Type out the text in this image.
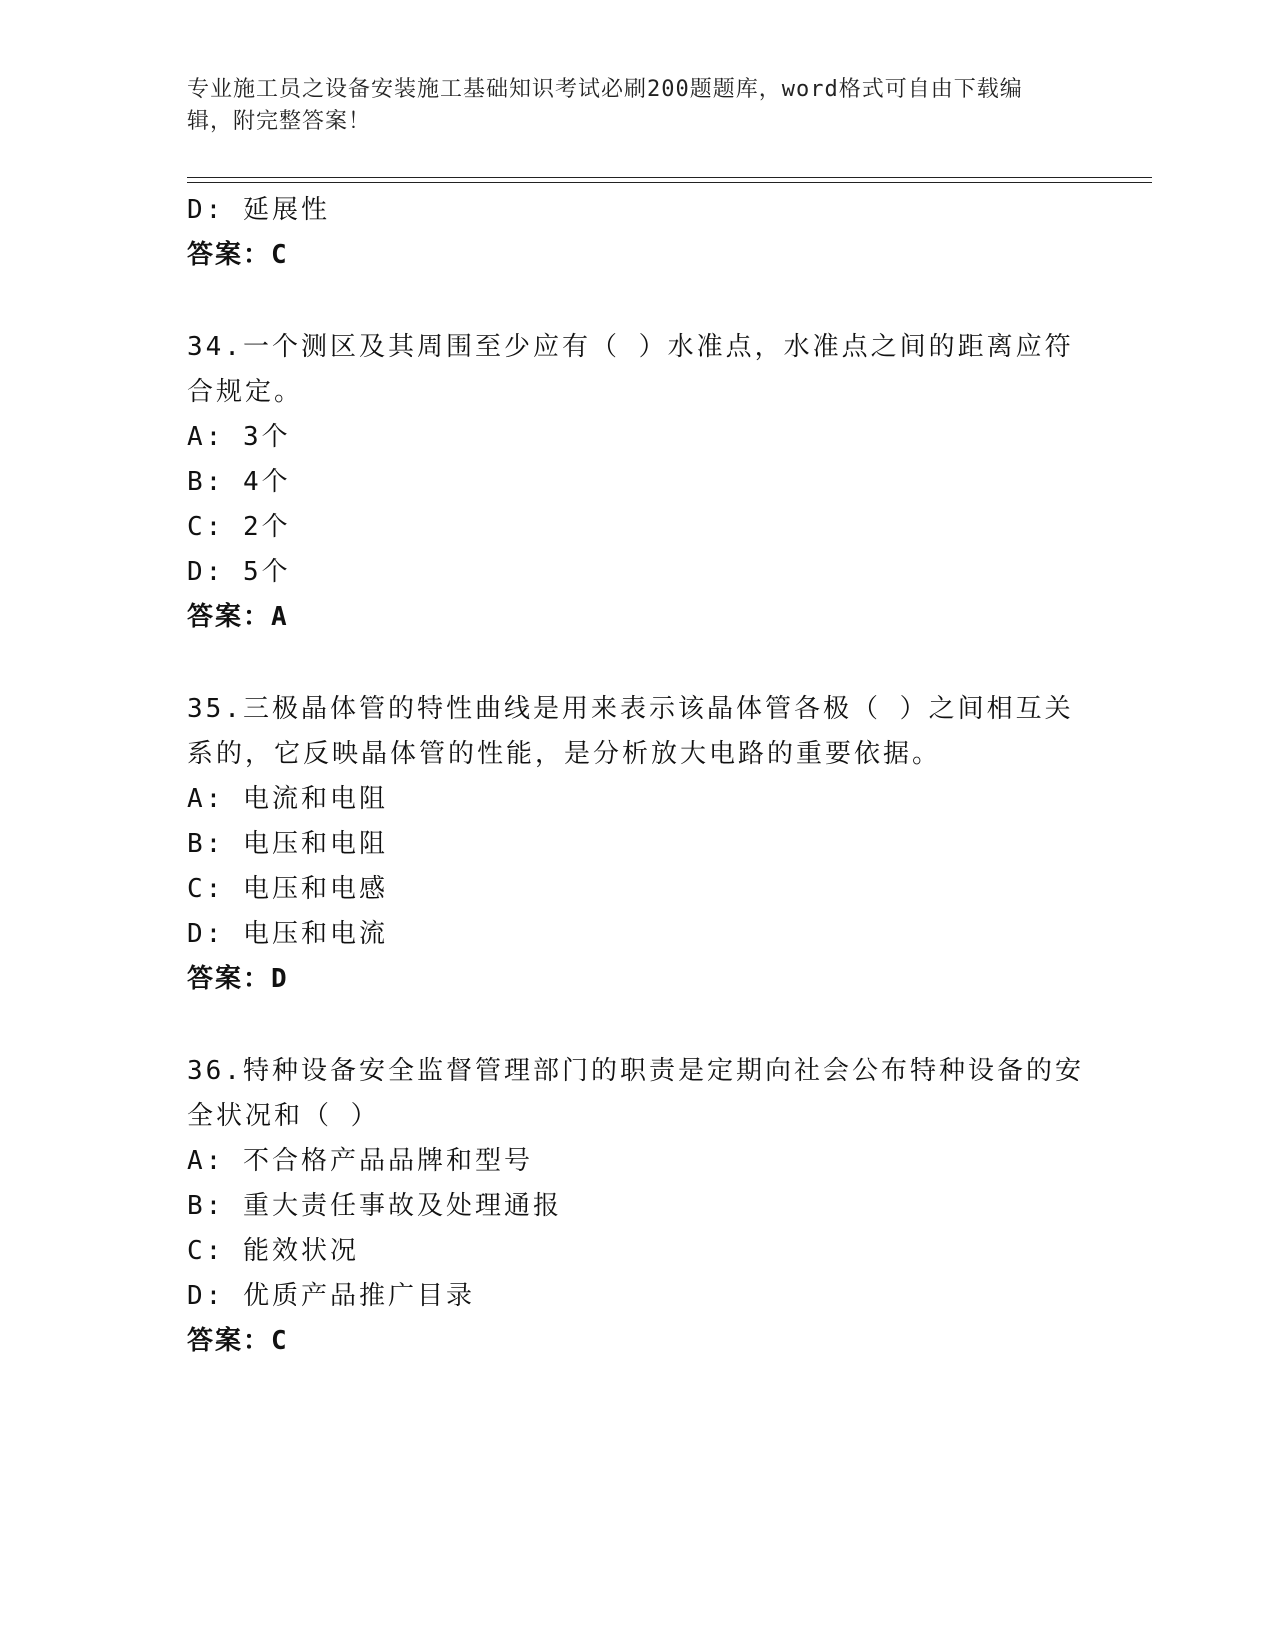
专业施工员之设备安装施工基础知识考试必刷200题题库，word格式可自由下载编辑，附完整答案！
D: 延展性
答案：C
34.一个测区及其周围至少应有（ ）水准点，水准点之间的距离应符
合规定。
A: 3个
B: 4个
C: 2个
D: 5个
答案：A
35.三极晶体管的特性曲线是用来表示该晶体管各极（ ）之间相互关
系的，它反映晶体管的性能，是分析放大电路的重要依据。
A: 电流和电阻
B: 电压和电阻
C: 电压和电感
D: 电压和电流
答案：D
36.特种设备安全监督管理部门的职责是定期向社会公布特种设备的安
全状况和（ ）
A: 不合格产品品牌和型号
B: 重大责任事故及处理通报
C: 能效状况
D: 优质产品推广目录
答案：C
